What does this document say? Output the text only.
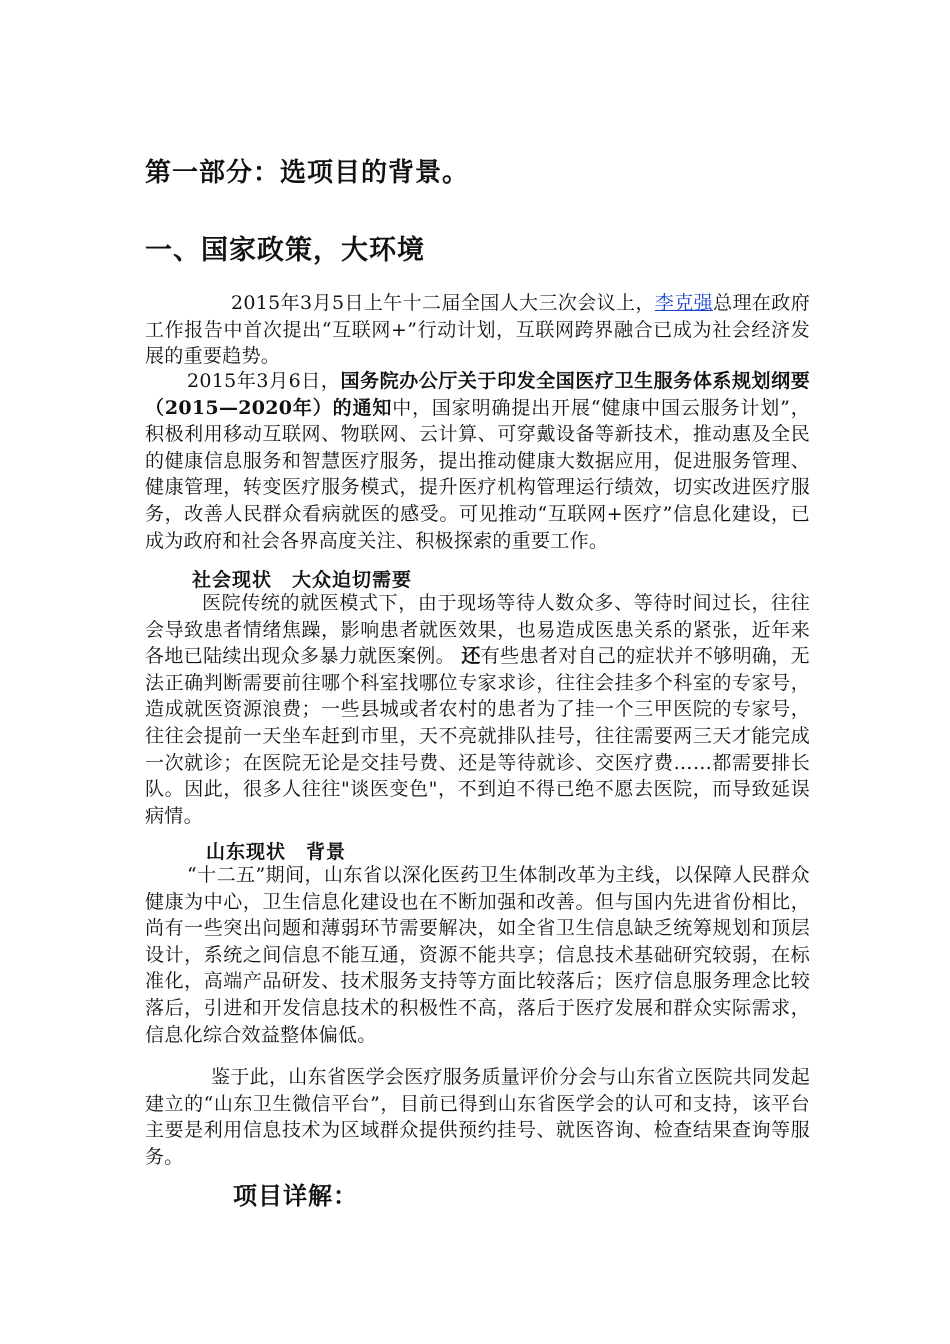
第一部分：选项目的背景。
一、国家政策，大环境

2015年3月5日上午十二届全国人大三次会议上，李克强总理在政府工作报告中首次提出“互联网+”行动计划，互联网跨界融合已成为社会经济发展的重要趋势。

2015年3月6日，国务院办公厅关于印发全国医疗卫生服务体系规划纲要（2015—2020年）的通知中，国家明确提出开展“健康中国云服务计划”，积极利用移动互联网、物联网、云计算、可穿戴设备等新技术，推动惠及全民的健康信息服务和智慧医疗服务，提出推动健康大数据应用，促进服务管理、健康管理，转变医疗服务模式，提升医疗机构管理运行绩效，切实改进医疗服务，改善人民群众看病就医的感受。可见推动“互联网+医疗”信息化建设，已成为政府和社会各界高度关注、积极探索的重要工作。

社会现状　大众迫切需要

医院传统的就医模式下，由于现场等待人数众多、等待时间过长，往往会导致患者情绪焦躁，影响患者就医效果，也易造成医患关系的紧张，近年来各地已陆续出现众多暴力就医案例。 还有些患者对自己的症状并不够明确，无法正确判断需要前往哪个科室找哪位专家求诊，往往会挂多个科室的专家号，造成就医资源浪费；一些县城或者农村的患者为了挂一个三甲医院的专家号，往往会提前一天坐车赶到市里，天不亮就排队挂号，往往需要两三天才能完成一次就诊；在医院无论是交挂号费、还是等待就诊、交医疗费……都需要排长队。因此，很多人往往"谈医变色"，不到迫不得已绝不愿去医院，而导致延误病情。

山东现状　背景

“十二五”期间，山东省以深化医药卫生体制改革为主线，以保障人民群众健康为中心，卫生信息化建设也在不断加强和改善。但与国内先进省份相比，尚有一些突出问题和薄弱环节需要解决，如全省卫生信息缺乏统筹规划和顶层设计，系统之间信息不能互通，资源不能共享；信息技术基础研究较弱，在标准化，高端产品研发、技术服务支持等方面比较落后；医疗信息服务理念比较落后，引进和开发信息技术的积极性不高，落后于医疗发展和群众实际需求，信息化综合效益整体偏低。

鉴于此，山东省医学会医疗服务质量评价分会与山东省立医院共同发起建立的“山东卫生微信平台”，目前已得到山东省医学会的认可和支持，该平台主要是利用信息技术为区域群众提供预约挂号、就医咨询、检查结果查询等服务。

项目详解：
